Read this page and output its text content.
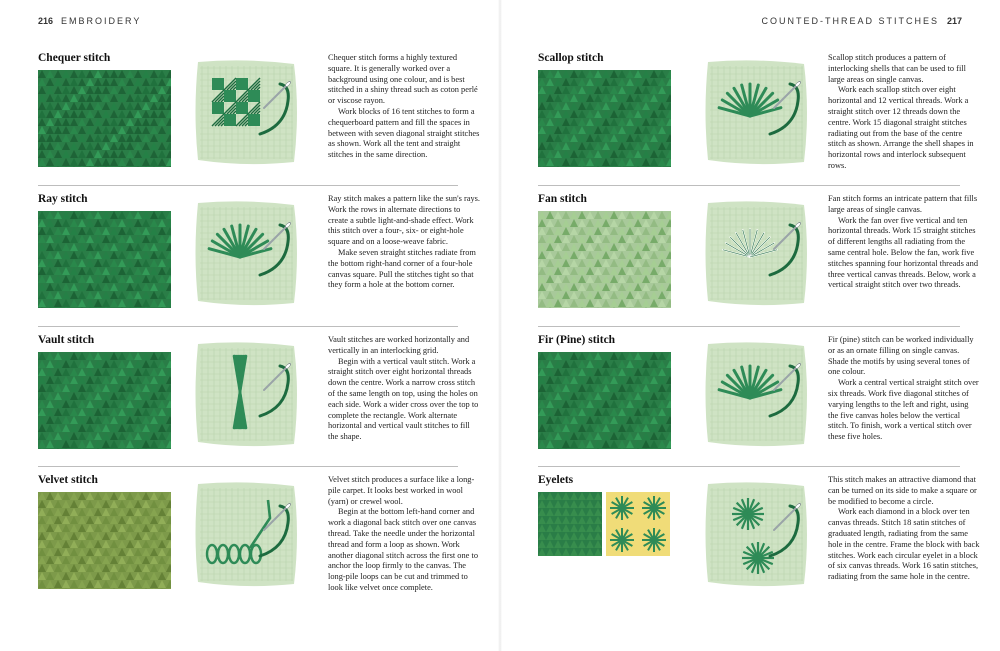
216 EMBROIDERY	COUNTED-THREAD STITCHES 217
Chequer stitch	Chequer stitch forms a highly textured square. It is generally worked over a background using one colour, and is best stitched in a shiny thread such as coton perlé or viscose rayon.

Work blocks of 16 tent stitches to form a chequerboard pattern and fill the spaces in between with seven diagonal straight stitches as shown. Work all the tent and straight stitches in the same direction.

Ray stitch	Ray stitch makes a pattern like the sun's rays. Work the rows in alternate directions to create a subtle light-and-shade effect. Work this stitch over a four-, six- or eight-hole square and on a loose-weave fabric.

Make seven straight stitches radiate from the bottom right-hand corner of a four-hole canvas square. Pull the stitches tight so that they form a hole at the bottom corner.

Vault stitch	Vault stitches are worked horizontally and vertically in an interlocking grid.

Begin with a vertical vault stitch. Work a straight stitch over eight horizontal threads down the centre. Work a narrow cross stitch of the same length on top, using the holes on each side. Work a wider cross over the top to complete the rectangle. Work alternate horizontal and vertical vault stitches to fill the shape.

Velvet stitch	Velvet stitch produces a surface like a long-pile carpet. It looks best worked in wool (yarn) or crewel wool.

Begin at the bottom left-hand corner and work a diagonal back stitch over one canvas thread. Take the needle under the horizontal thread and form a loop as shown. Work another diagonal stitch across the first one to anchor the loop firmly to the canvas. The long-pile loops can be cut and trimmed to look like velvet once complete.

Scallop stitch	Scallop stitch produces a pattern of interlocking shells that can be used to fill large areas on single canvas.

Work each scallop stitch over eight horizontal and 12 vertical threads. Work a straight stitch over 12 threads down the centre. Work 15 diagonal straight stitches radiating out from the base of the centre stitch as shown. Arrange the shell shapes in horizontal rows and interlock subsequent rows.

Fan stitch	Fan stitch forms an intricate pattern that fills large areas of single canvas.

Work the fan over five vertical and ten horizontal threads. Work 15 straight stitches of different lengths all radiating from the same central hole. Below the fan, work five stitches spanning four horizontal threads and three vertical canvas threads. Below, work a vertical straight stitch over two threads.

Fir (Pine) stitch	Fir (pine) stitch can be worked individually or as an ornate filling on single canvas. Shade the motifs by using several tones of one colour.

Work a central vertical straight stitch over six threads. Work five diagonal stitches of varying lengths to the left and right, using the five canvas holes below the vertical stitch. To finish, work a vertical stitch over these five holes.

Eyelets	This stitch makes an attractive diamond that can be turned on its side to make a square or be modified to become a circle.

Work each diamond in a block over ten canvas threads. Stitch 18 satin stitches of graduated length, radiating from the same hole in the centre. Frame the block with back stitches. Work each circular eyelet in a block of six canvas threads. Work 16 satin stitches, radiating from the same hole in the centre.
